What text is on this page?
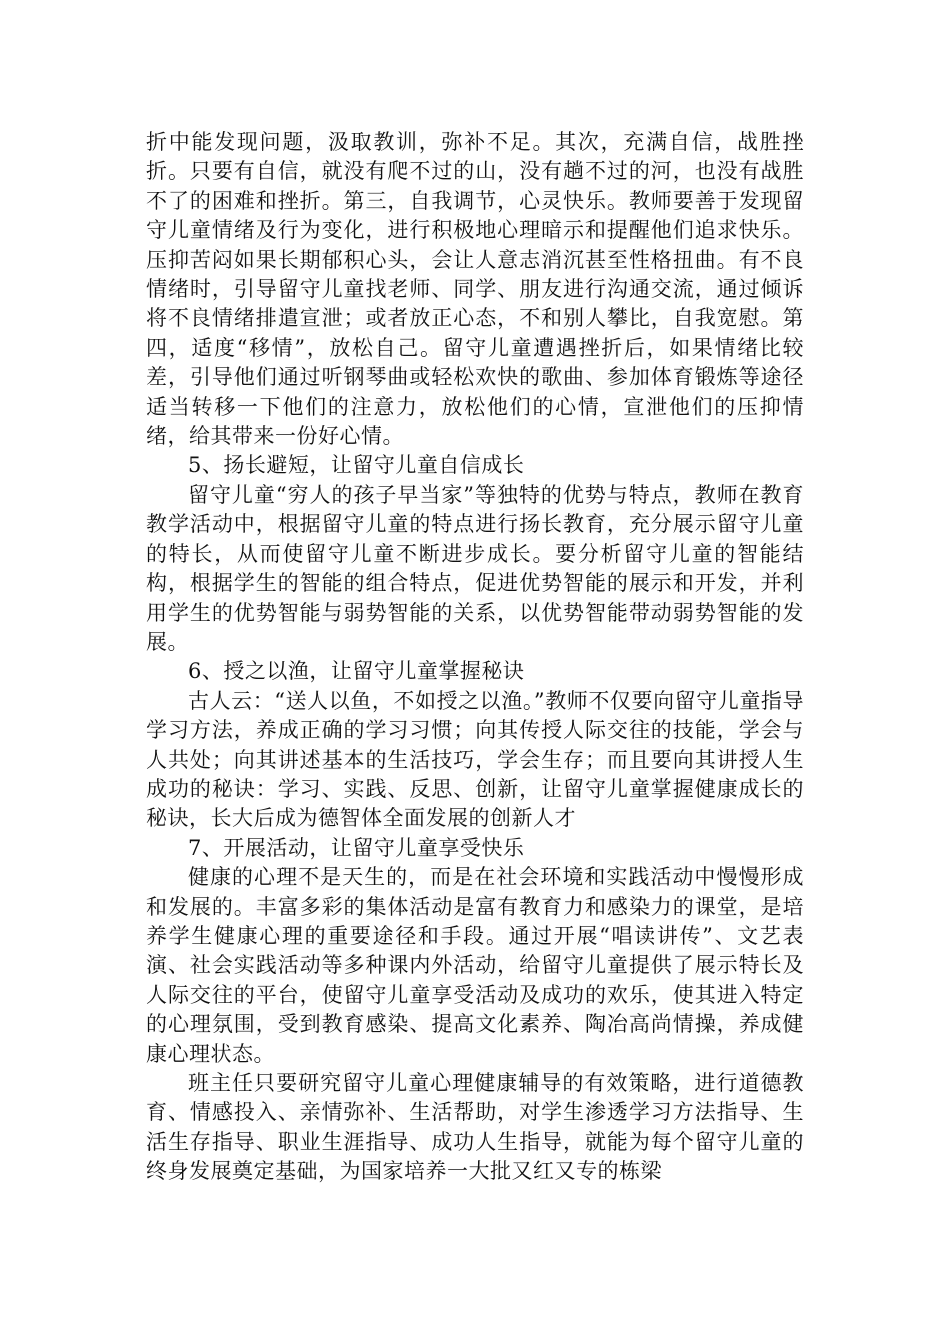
折中能发现问题，汲取教训，弥补不足。其次，充满自信，战胜挫折。只要有自信，就没有爬不过的山，没有趟不过的河，也没有战胜不了的困难和挫折。第三，自我调节，心灵快乐。教师要善于发现留守儿童情绪及行为变化，进行积极地心理暗示和提醒他们追求快乐。压抑苦闷如果长期郁积心头，会让人意志消沉甚至性格扭曲。有不良情绪时，引导留守儿童找老师、同学、朋友进行沟通交流，通过倾诉将不良情绪排遣宣泄；或者放正心态，不和别人攀比，自我宽慰。第四，适度“移情”，放松自己。留守儿童遭遇挫折后，如果情绪比较差，引导他们通过听钢琴曲或轻松欢快的歌曲、参加体育锻炼等途径适当转移一下他们的注意力，放松他们的心情，宣泄他们的压抑情绪，给其带来一份好心情。

5、扬长避短，让留守儿童自信成长

留守儿童“穷人的孩子早当家”等独特的优势与特点，教师在教育教学活动中，根据留守儿童的特点进行扬长教育，充分展示留守儿童的特长，从而使留守儿童不断进步成长。要分析留守儿童的智能结构，根据学生的智能的组合特点，促进优势智能的展示和开发，并利用学生的优势智能与弱势智能的关系，以优势智能带动弱势智能的发展。

6、授之以渔，让留守儿童掌握秘诀

古人云：“送人以鱼，不如授之以渔。”教师不仅要向留守儿童指导学习方法，养成正确的学习习惯；向其传授人际交往的技能，学会与人共处；向其讲述基本的生活技巧，学会生存；而且要向其讲授人生成功的秘诀：学习、实践、反思、创新，让留守儿童掌握健康成长的秘诀，长大后成为德智体全面发展的创新人才

7、开展活动，让留守儿童享受快乐

健康的心理不是天生的，而是在社会环境和实践活动中慢慢形成和发展的。丰富多彩的集体活动是富有教育力和感染力的课堂，是培养学生健康心理的重要途径和手段。通过开展“唱读讲传”、文艺表演、社会实践活动等多种课内外活动，给留守儿童提供了展示特长及人际交往的平台，使留守儿童享受活动及成功的欢乐，使其进入特定的心理氛围，受到教育感染、提高文化素养、陶冶高尚情操，养成健康心理状态。

班主任只要研究留守儿童心理健康辅导的有效策略，进行道德教育、情感投入、亲情弥补、生活帮助，对学生渗透学习方法指导、生活生存指导、职业生涯指导、成功人生指导，就能为每个留守儿童的终身发展奠定基础，为国家培养一大批又红又专的栋梁
